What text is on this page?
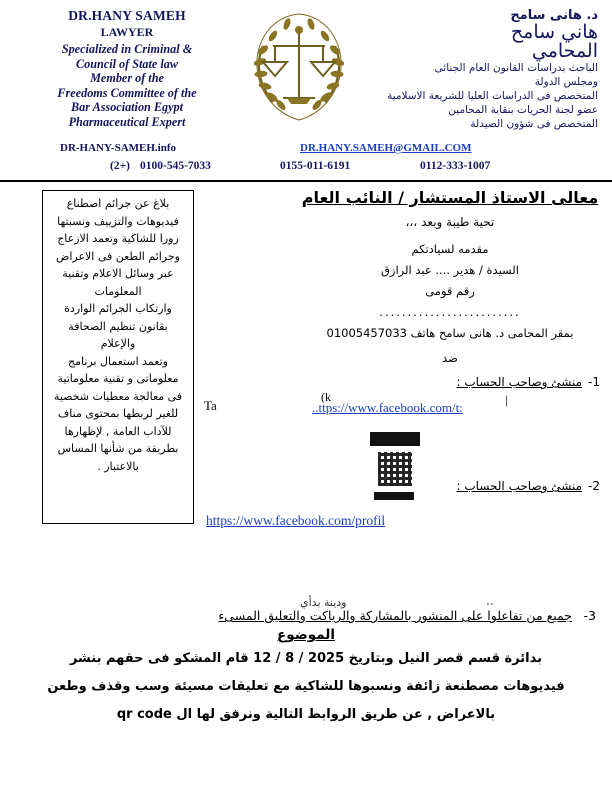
DR.HANY SAMEH
LAWYER
Specialized in Criminal &
Council of State law
Member of the
Freedoms Committee of the
Bar Association Egypt
Pharmaceutical Expert
د. هانى سامح
هاني سامح
المحامي
الباحث بدراسات القانون العام الجنائى
ومجلس الدولة
المتخصص فى الدراسات العليا للشريعة الاسلامية
عضو لجنة الحريات بنقابة المحامين
المتخصص فى شؤون الصيدلة
DR-HANY-SAMEH.info	DR.HANY.SAMEH@GMAIL.COM
(2+) 0100-545-7033	0155-011-6191	0112-333-1007
بلاغ عن جرائم اصطناع
فيديوهات والتزييف ونسبتها
زورا للشاكية وتعمد الازعاج
وجرائم الطعن فى الاعراض
عبر وسائل الاعلام وتقنية
المعلومات
وارتكاب الجرائم الواردة
بقانون تنظيم الصحافة
والإعلام
وتعمد استعمال برنامج
معلوماتى و تقنية معلوماتية
فى معالجة معطيات شخصية
للغير لربطها بمحتوى مناف
للآداب العامة , لإظهارها
بطريقة من شأنها المساس
بالاعتبار .
معالى الاستاذ المستشار / النائب العام
تحية طيبة وبعد ،،،
مقدمه لسيادتكم
السيدة / هدير .... عبد الرازق
رقم قومى
.........................
بمقر المحامى د. هانى سامح هاتف 01005457033
ضد
1-
منشئ وصاحب الحساب :
2-
منشئ وصاحب الحساب :
Ta
(k	|
..ttps://www.facebook.com/t:
https://www.facebook.com/profil
ودينة بدأي	..
3-
جميع من تفاعلوا على المنشور بالمشاركة والرياكت والتعليق المسىء
الموضوع
بدائرة قسم قصر النيل وبتاريخ 2025 / 8 / 12 قام المشكو فى حقهم بنشر
فيديوهات مصطنعة زائفة ونسبوها للشاكية مع تعليقات مسيئة وسب وقذف وطعن
بالاعراض , عن طريق الروابط التالية ونرفق لها ال qr code
